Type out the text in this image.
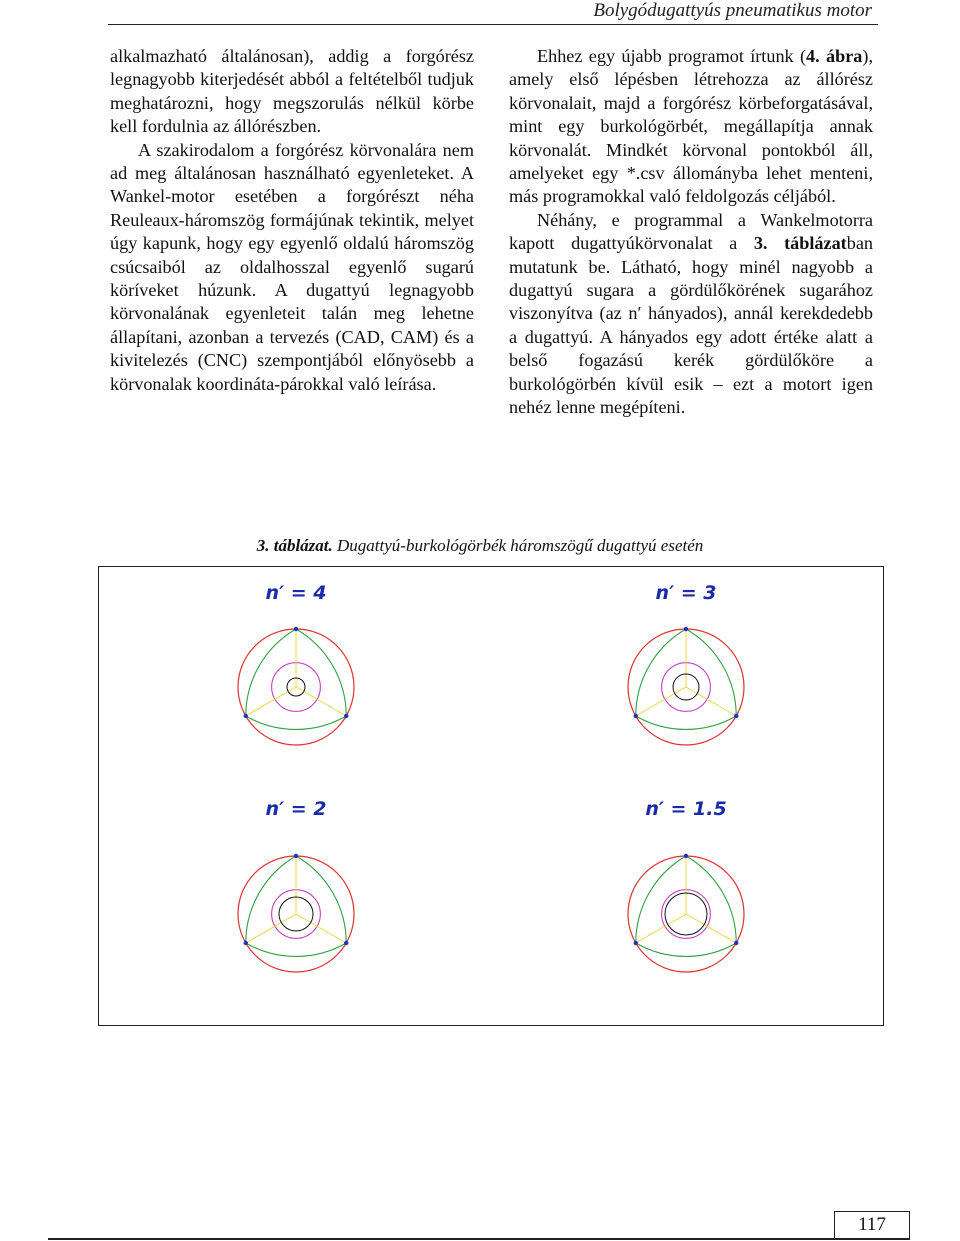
Bolygódugattyús pneumatikus motor

alkalmazható általánosan), addig a forgórész legnagyobb kiterjedését abból a feltételből tudjuk meghatározni, hogy megszorulás nélkül körbe kell fordulnia az állórészben.

A szakirodalom a forgórész körvonalára nem ad meg általánosan használható egyenleteket. A Wankel-motor esetében a forgórészt néha Reuleaux-háromszög formájúnak tekintik, melyet úgy kapunk, hogy egy egyenlő oldalú háromszög csúcsaiból az oldalhosszal egyenlő sugarú köríveket húzunk. A dugattyú legnagyobb körvonalának egyenleteit talán meg lehetne állapítani, azonban a tervezés (CAD, CAM) és a kivitelezés (CNC) szempontjából előnyösebb a körvonalak koordináta-párokkal való leírása.

Ehhez egy újabb programot írtunk (4. ábra), amely első lépésben létrehozza az állórész körvonalait, majd a forgórész körbeforgatásával, mint egy burkológörbét, megállapítja annak körvonalát. Mindkét körvonal pontokból áll, amelyeket egy *.csv állományba lehet menteni, más programokkal való feldolgozás céljából.

Néhány, e programmal a Wankelmotorra kapott dugattyúkörvonalat a 3. táblázatban mutatunk be. Látható, hogy minél nagyobb a dugattyú sugara a gördülőkörének sugarához viszonyítva (az n′ hányados), annál kerekdedebb a dugattyú. A hányados egy adott értéke alatt a belső fogazású kerék gördülőköre a burkológörbén kívül esik – ezt a motort igen nehéz lenne megépíteni.

3. táblázat. Dugattyú-burkológörbék háromszögű dugattyú esetén
n′ = 4	n′ = 3
n′ = 2	n′ = 1.5
117
